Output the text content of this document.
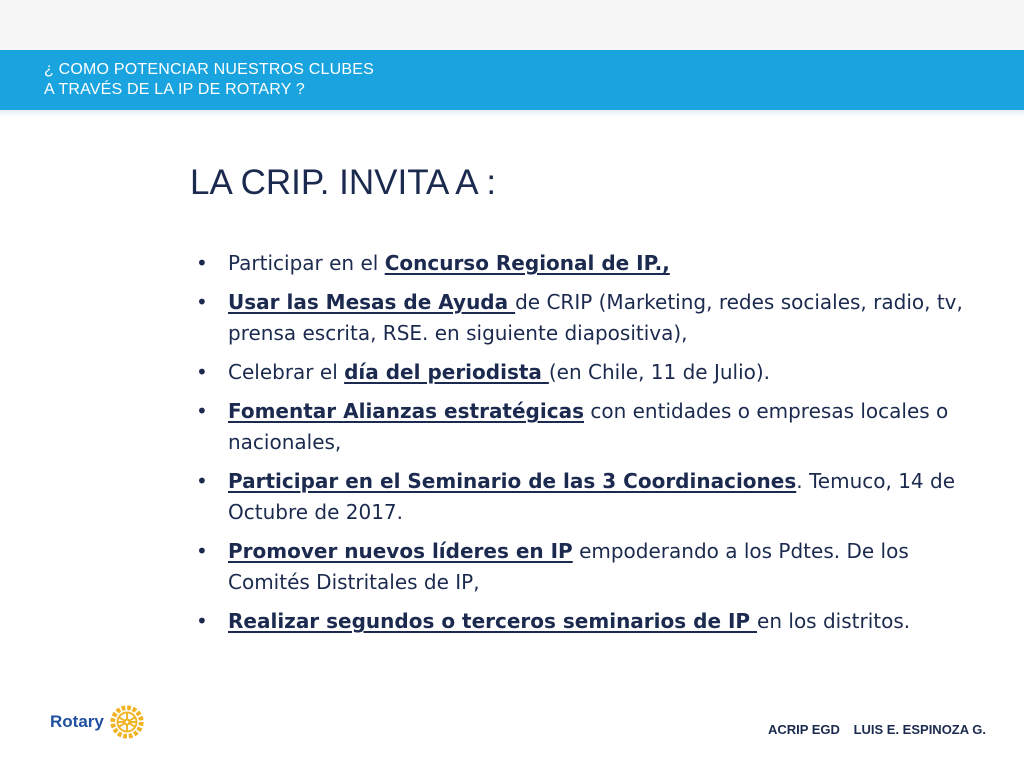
¿ COMO POTENCIAR NUESTROS CLUBES
A TRAVÉS DE LA IP DE ROTARY ?
LA CRIP. INVITA A :
• Participar en el Concurso Regional de IP.,
• Usar las Mesas de Ayuda de CRIP (Marketing, redes sociales, radio, tv, prensa escrita, RSE. en siguiente diapositiva),
• Celebrar el día del periodista (en Chile, 11 de Julio).
• Fomentar Alianzas estratégicas con entidades o empresas locales o nacionales,
• Participar en el Seminario de las 3 Coordinaciones. Temuco, 14 de Octubre de 2017.
• Promover nuevos líderes en IP empoderando a los Pdtes. De los Comités Distritales de IP,
• Realizar segundos o terceros seminarios de IP en los distritos.
Rotary	ACRIP EGD LUIS E. ESPINOZA G.
